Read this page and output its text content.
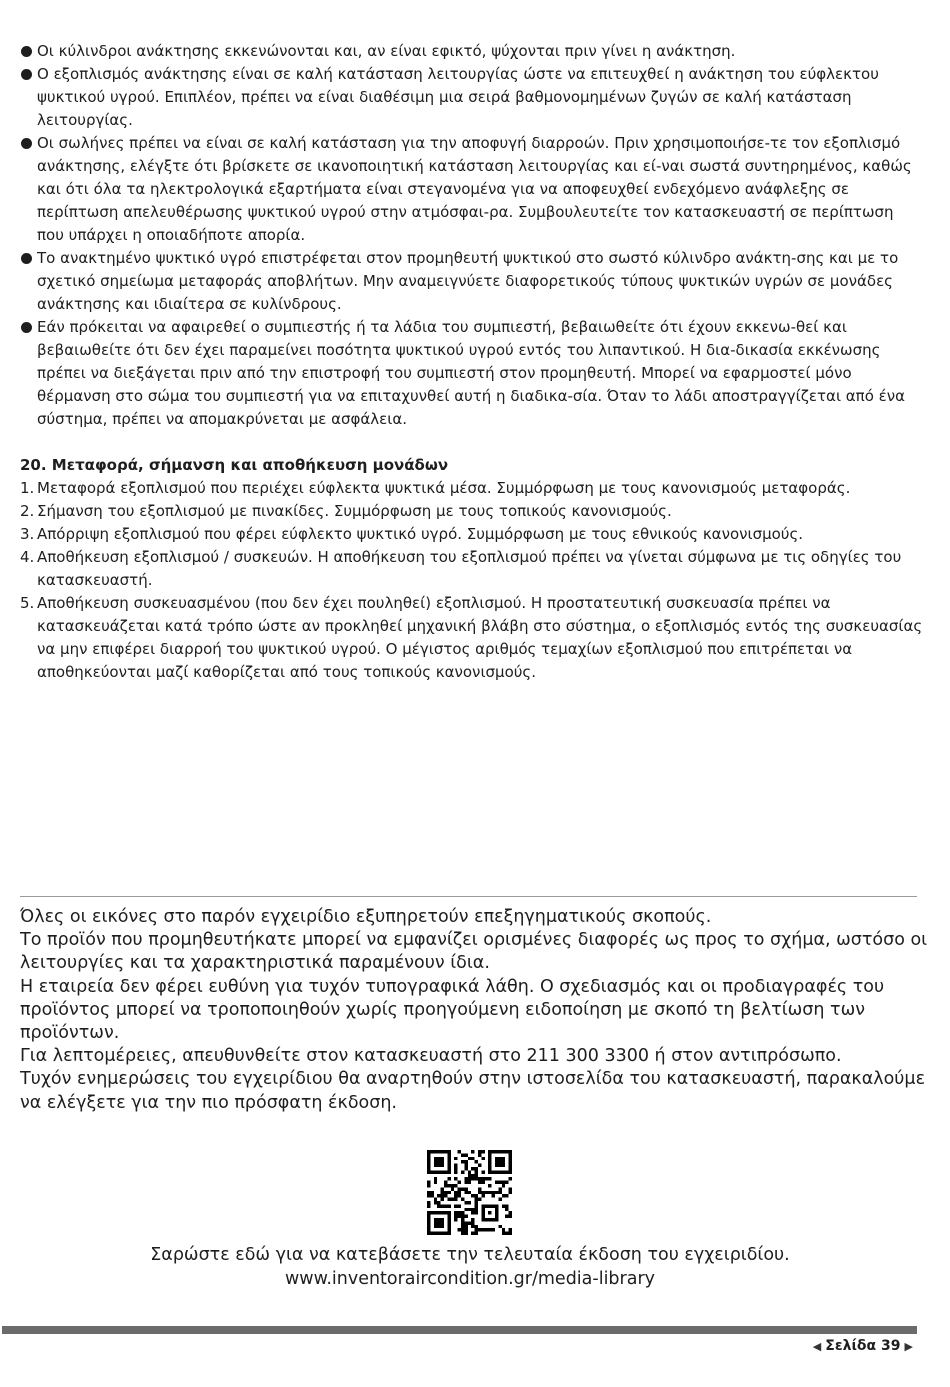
Οι κύλινδροι ανάκτησης εκκενώνονται και, αν είναι εφικτό, ψύχονται πριν γίνει η ανάκτηση.
Ο εξοπλισμός ανάκτησης είναι σε καλή κατάσταση λειτουργίας ώστε να επιτευχθεί η ανάκτηση του εύφλεκτου ψυκτικού υγρού. Επιπλέον, πρέπει να είναι διαθέσιμη μια σειρά βαθμονομημένων ζυγών σε καλή κατάσταση λειτουργίας.
Οι σωλήνες πρέπει να είναι σε καλή κατάσταση για την αποφυγή διαρροών. Πριν χρησιμοποιήσε-τε τον εξοπλισμό ανάκτησης, ελέγξτε ότι βρίσκετε σε ικανοποιητική κατάσταση λειτουργίας και εί-ναι σωστά συντηρημένος, καθώς και ότι όλα τα ηλεκτρολογικά εξαρτήματα είναι στεγανομένα για να αποφευχθεί ενδεχόμενο ανάφλεξης σε περίπτωση απελευθέρωσης ψυκτικού υγρού στην ατμόσφαι-ρα. Συμβουλευτείτε τον κατασκευαστή σε περίπτωση που υπάρχει η οποιαδήποτε απορία.
Το ανακτημένο ψυκτικό υγρό επιστρέφεται στον προμηθευτή ψυκτικού στο σωστό κύλινδρο ανάκτη-σης και με το σχετικό σημείωμα μεταφοράς αποβλήτων. Μην αναμειγνύετε διαφορετικούς τύπους ψυκτικών υγρών σε μονάδες ανάκτησης και ιδιαίτερα σε κυλίνδρους.
Εάν πρόκειται να αφαιρεθεί ο συμπιεστής ή τα λάδια του συμπιεστή, βεβαιωθείτε ότι έχουν εκκενω-θεί και βεβαιωθείτε ότι δεν έχει παραμείνει ποσότητα ψυκτικού υγρού εντός του λιπαντικού. Η δια-δικασία εκκένωσης πρέπει να διεξάγεται πριν από την επιστροφή του συμπιεστή στον προμηθευτή. Μπορεί να εφαρμοστεί μόνο θέρμανση στο σώμα του συμπιεστή για να επιταχυνθεί αυτή η διαδικα-σία. Όταν το λάδι αποστραγγίζεται από ένα σύστημα, πρέπει να απομακρύνεται με ασφάλεια.
20. Μεταφορά, σήμανση και αποθήκευση μονάδων
1. Μεταφορά εξοπλισμού που περιέχει εύφλεκτα ψυκτικά μέσα. Συμμόρφωση με τους κανονισμούς μεταφοράς.
2. Σήμανση του εξοπλισμού με πινακίδες. Συμμόρφωση με τους τοπικούς κανονισμούς.
3. Απόρριψη εξοπλισμού που φέρει εύφλεκτο ψυκτικό υγρό. Συμμόρφωση με τους εθνικούς κανονισμούς.
4. Αποθήκευση εξοπλισμού / συσκευών. Η αποθήκευση του εξοπλισμού πρέπει να γίνεται σύμφωνα με τις οδηγίες του κατασκευαστή.
5. Αποθήκευση συσκευασμένου (που δεν έχει πουληθεί) εξοπλισμού. Η προστατευτική συσκευασία πρέπει να κατασκευάζεται κατά τρόπο ώστε αν προκληθεί μηχανική βλάβη στο σύστημα, ο εξοπλισμός εντός της συσκευασίας να μην επιφέρει διαρροή του ψυκτικού υγρού. Ο μέγιστος αριθμός τεμαχίων εξοπλισμού που επιτρέπεται να αποθηκεύονται μαζί καθορίζεται από τους τοπικούς κανονισμούς.

Όλες οι εικόνες στο παρόν εγχειρίδιο εξυπηρετούν επεξηγηματικούς σκοπούς.

Το προϊόν που προμηθευτήκατε μπορεί να εμφανίζει ορισμένες διαφορές ως προς το σχήμα, ωστόσο οι λειτουργίες και τα χαρακτηριστικά παραμένουν ίδια.

Η εταιρεία δεν φέρει ευθύνη για τυχόν τυπογραφικά λάθη. Ο σχεδιασμός και οι προδιαγραφές του προϊόντος μπορεί να τροποποιηθούν χωρίς προηγούμενη ειδοποίηση με σκοπό τη βελτίωση των προϊόντων.

Για λεπτομέρειες, απευθυνθείτε στον κατασκευαστή στο 211 300 3300 ή στον αντιπρόσωπο.

Τυχόν ενημερώσεις του εγχειρίδιου θα αναρτηθούν στην ιστοσελίδα του κατασκευαστή, παρακαλούμε να ελέγξετε για την πιο πρόσφατη έκδοση.

Σαρώστε εδώ για να κατεβάσετε την τελευταία έκδοση του εγχειριδίου.
www.inventoraircondition.gr/media-library
◀ Σελίδα 39 ▶
